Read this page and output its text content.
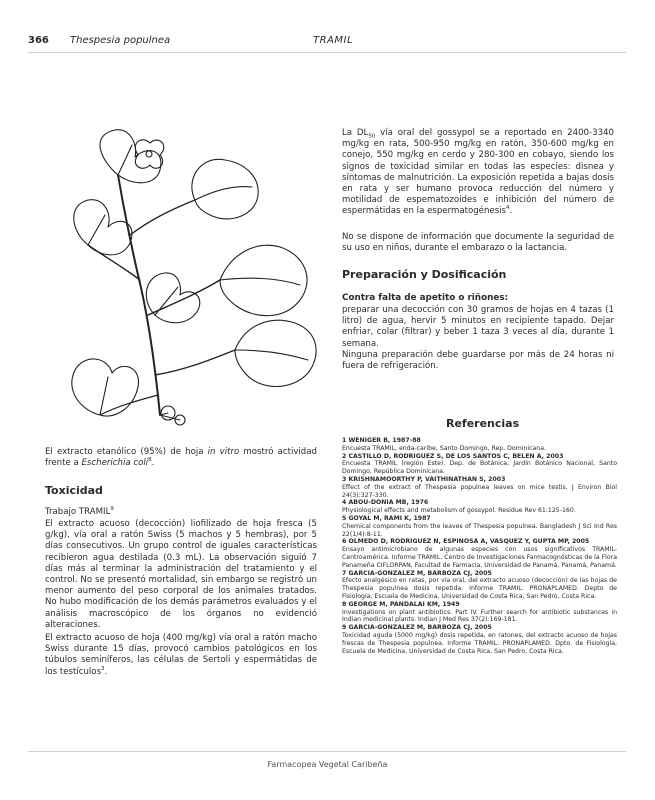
366 Thespesia populnea	TRAMIL

El extracto etanólico (95%) de hoja in vitro mostró actividad frente a Escherichia coli$^8$.

Toxicidad
Trabajo TRAMIL$^9$

El extracto acuoso (decocción) liofilizado de hoja fresca (5 g/kg), vía oral a ratón Swiss (5 machos y 5 hembras), por 5 días consecutivos. Un grupo control de iguales características recibieron agua destilada (0.3 mL). La observación siguió 7 días más al terminar la administración del tratamiento y el control. No se presentó mortalidad, sin embargo se registró un menor aumento del peso corporal de los animales tratados. No hubo modificación de los demás parámetros evaluados y el análisis macroscópico de los órganos no evidenció alteraciones.

El extracto acuoso de hoja (400 mg/kg) vía oral a ratón macho Swiss durante 15 días, provocó cambios patológicos en los túbulos seminíferos, las células de Sertoli y espermátidas de los testículos$^3$.

La $DL_{50}$ vía oral del gossypol se a reportado en 2400-3340 mg/kg en rata, 500-950 mg/kg en ratón, 350-600 mg/kg en conejo, 550 mg/kg en cerdo y 280-300 en cobayo, siendo los signos de toxicidad similar en todas las especies: disnea y síntomas de malnutrición. La exposición repetida a bajas dosis en rata y ser humano provoca reducción del número y motilidad de espematozoides e inhibición del número de espermátidas en la espermatogénesis$^4$.

No se dispone de información que documente la seguridad de su uso en niños, durante el embarazo o la lactancia.

Preparación y Dosificación
Contra falta de apetito o riñones:

preparar una decocción con 30 gramos de hojas en 4 tazas (1 litro) de agua, hervir 5 minutos en recipiente tapado. Dejar enfriar, colar (filtrar) y beber 1 taza 3 veces al día, durante 1 semana.

Ninguna preparación debe guardarse por más de 24 horas ni fuera de refrigeración.

Referencias
1 WENIGER B, 1987-88
Encuesta TRAMIL, enda-caribe, Santo Domingo, Rep. Dominicana.
2 CASTILLO D, RODRIGUEZ S, DE LOS SANTOS C, BELEN A, 2003
Encuesta TRAMIL (región Este). Dep. de Botánica, Jardín Botánico Nacional, Santo Domingo, República Dominicana.
3 KRISHNAMOORTHY P, VAITHINATHAN S, 2003
Effect of the extract of Thespesia populnea leaves on mice testis. J Environ Biol 24(3):327-330.
4 ABOU-DONIA MB, 1976
Physiological effects and metabolism of gossypol. Residue Rev 61:125-160.
5 GOYAL M, RAMI K, 1987
Chemical components from the leaves of Thespesia populnea. Bangladesh J Sci Ind Res 22(1/4):8-11.
6 OLMEDO D, RODRIGUEZ N, ESPINOSA A, VASQUEZ Y, GUPTA MP, 2005
Ensayo antimicrobiano de algunas especies con usos significativos TRAMIL-Centroamérica. Informe TRAMIL. Centro de Investigaciones Farmacognósticas de la Flora Panameña CIFLORPAN, Facultad de Farmacia, Universidad de Panamá, Panamá, Panamá.
7 GARCIA-GONZALEZ M, BARBOZA CJ, 2005
Efecto analgésico en ratas, por vía oral, del extracto acuoso (decocción) de las hojas de Thespesia populnea dosis repetida. Informe TRAMIL. PRONAPLAMED. Depto de Fisiología, Escuela de Medicina, Universidad de Costa Rica, San Pedro, Costa Rica.
8 GEORGE M, PANDALAI KM, 1949
Investigations on plant antibiotics. Part IV. Further search for antibiotic substances in Indian medicinal plants. Indian J Med Res 37(2):169-181.
9 GARCIA-GONZALEZ M, BARBOZA CJ, 2005
Toxicidad aguda (5000 mg/kg) dosis repetida, en ratones, del extracto acuoso de hojas frescas de Thespesia populnea. Informe TRAMIL. PRONAPLAMED. Dpto. de Fisiología, Escuela de Medicina, Universidad de Costa Rica, San Pedro, Costa Rica.
Farmacopea Vegetal Caribeña
